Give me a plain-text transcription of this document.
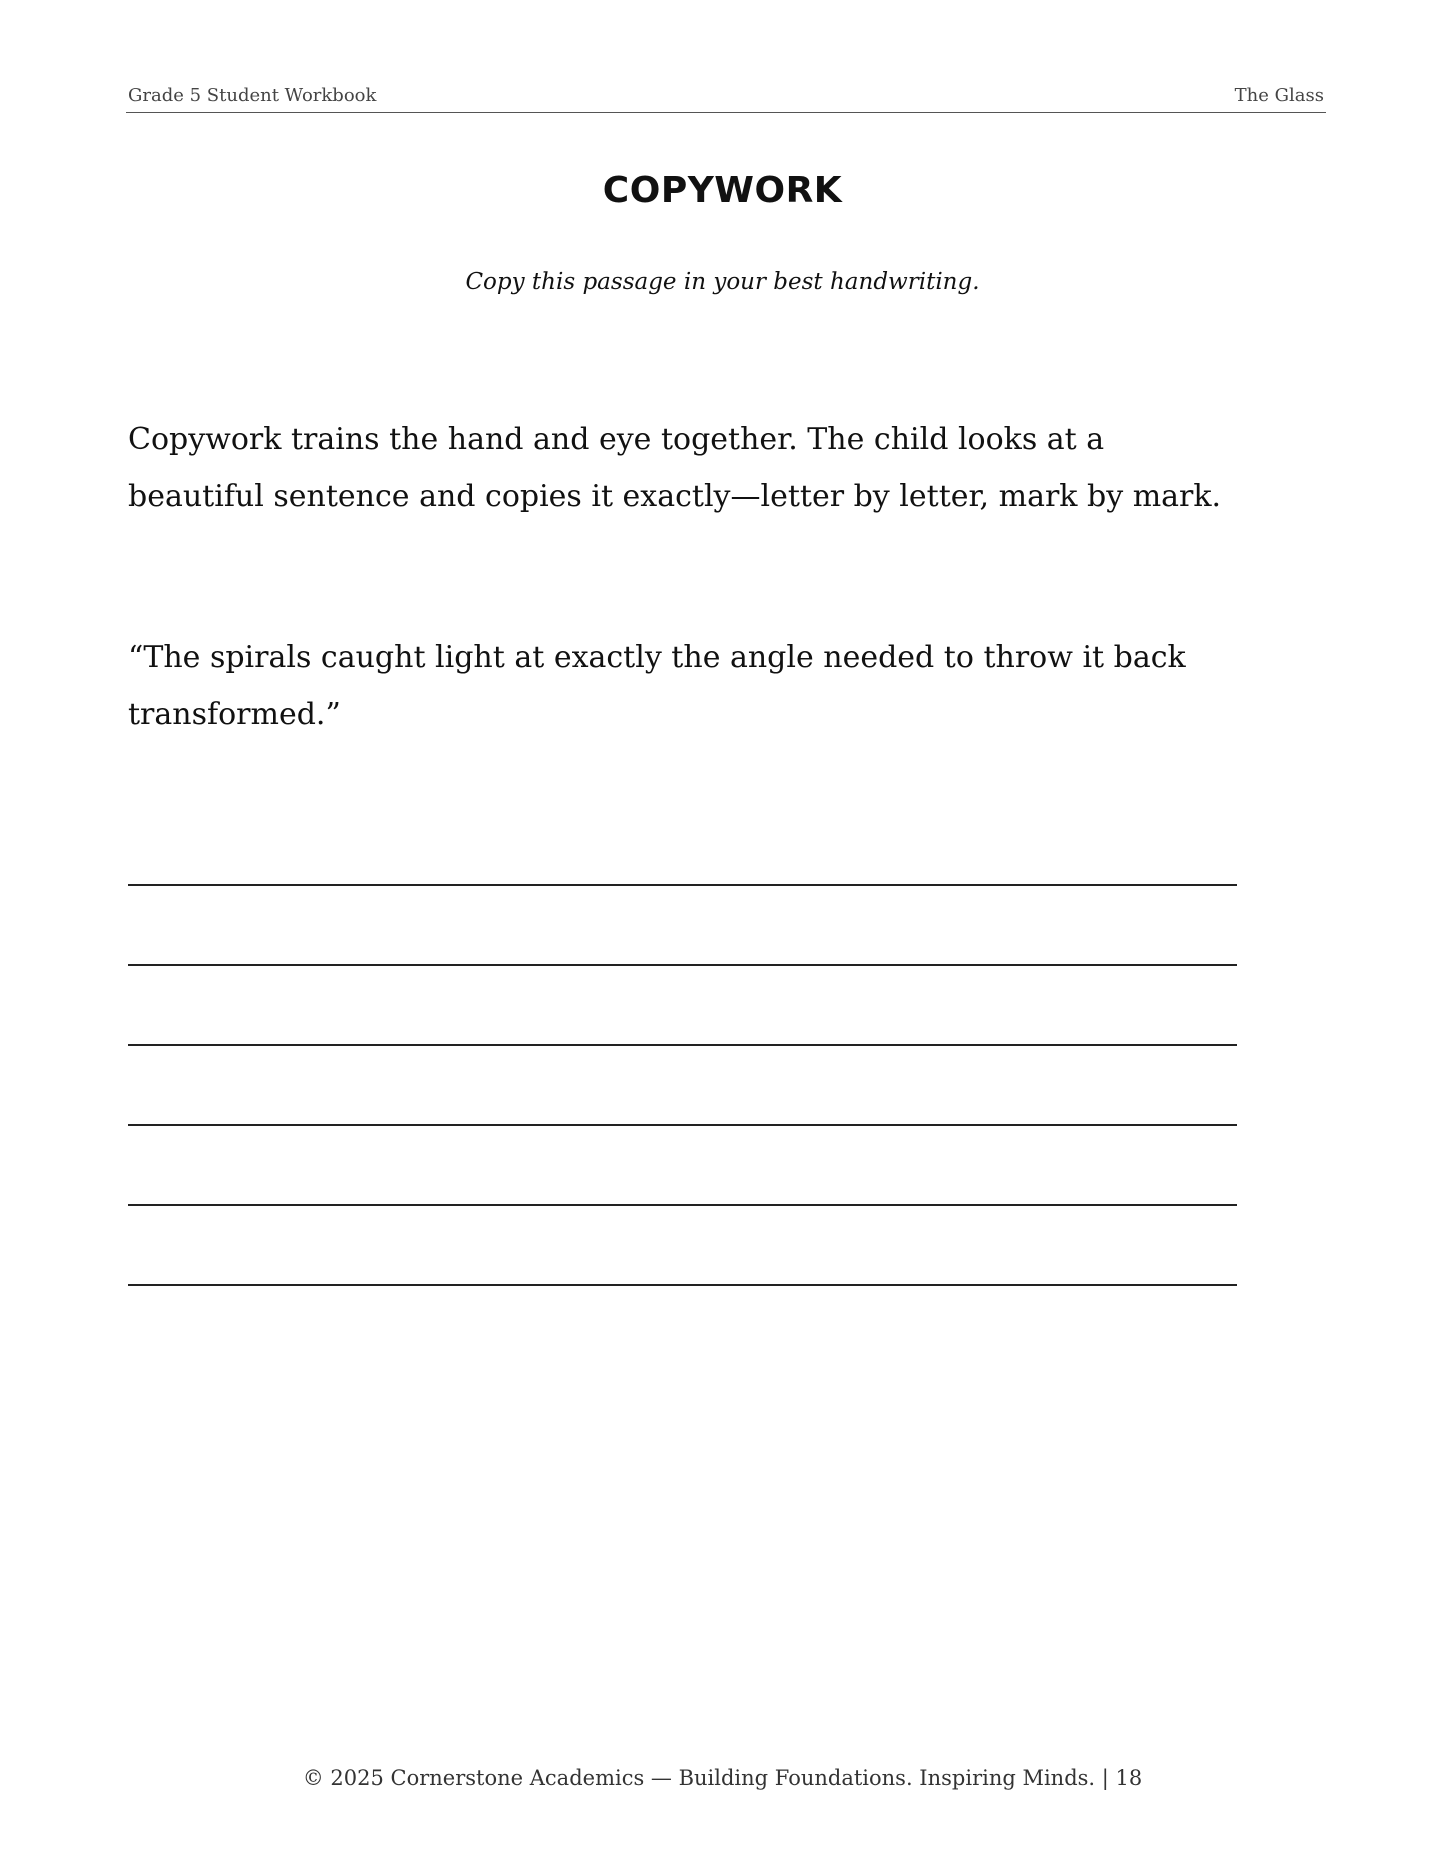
Grade 5 Student Workbook	The Glass
COPYWORK
Copy this passage in your best handwriting.
Copywork trains the hand and eye together. The child looks at a beautiful sentence and copies it exactly—letter by letter, mark by mark.
“The spirals caught light at exactly the angle needed to throw it back transformed.”
© 2025 Cornerstone Academics — Building Foundations. Inspiring Minds. | 18
